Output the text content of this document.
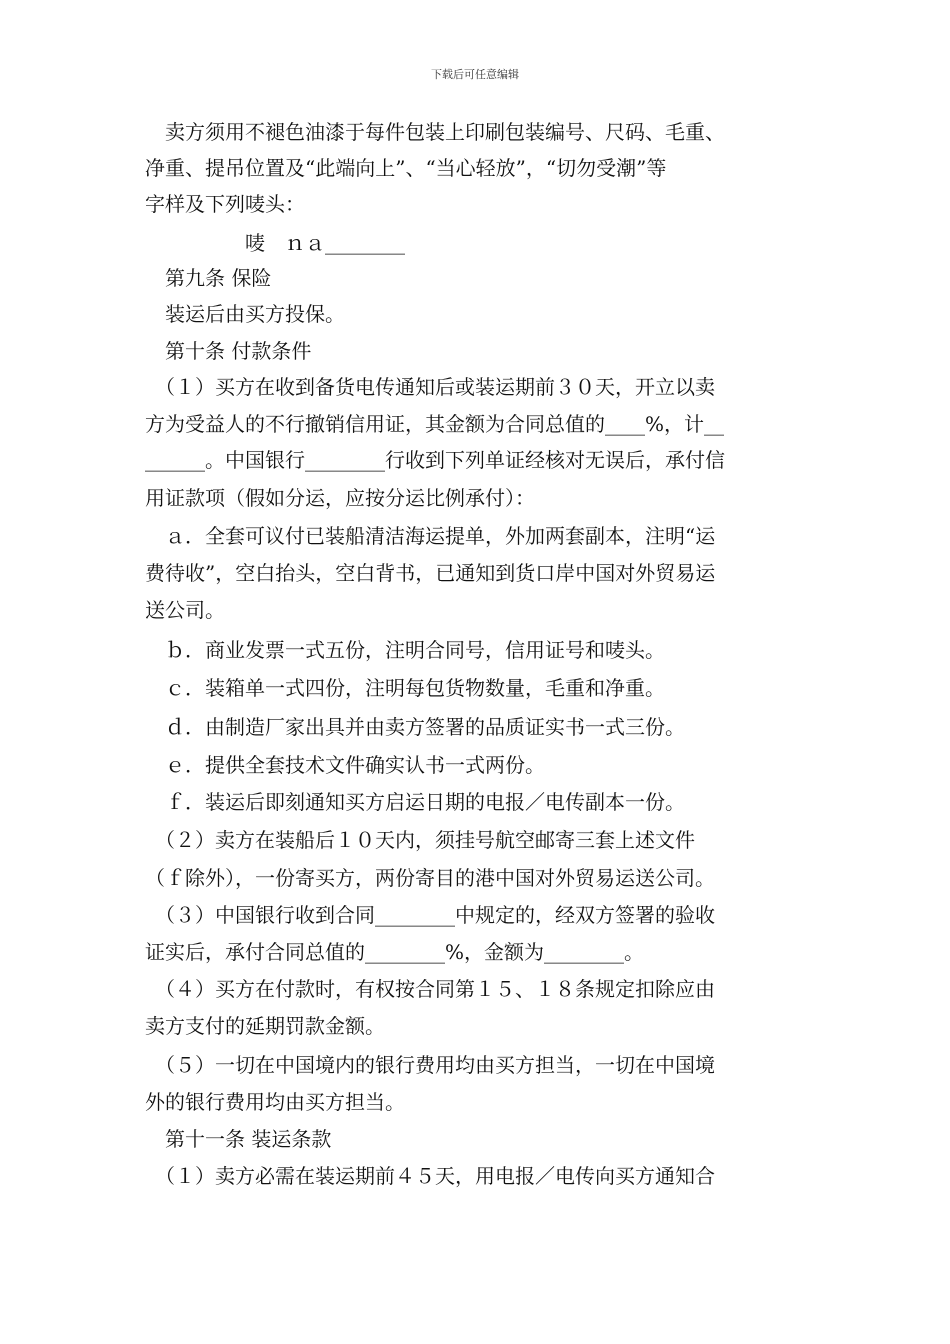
下载后可任意编辑
　卖方须用不褪色油漆于每件包装上印刷包装编号、尺码、毛重、
净重、提吊位置及“此端向上”、“当心轻放”，“切勿受潮”等
字样及下列唛头：
　　　　　唛　ｎａ________
　第九条 保险
　装运后由买方投保。
　第十条 付款条件
　（１）买方在收到备货电传通知后或装运期前３０天，开立以卖
方为受益人的不行撤销信用证，其金额为合同总值的____%，计__
______。中国银行________行收到下列单证经核对无误后，承付信
用证款项（假如分运，应按分运比例承付）：
　ａ．全套可议付已装船清洁海运提单，外加两套副本，注明“运
费待收”，空白抬头，空白背书，已通知到货口岸中国对外贸易运
送公司。
　ｂ．商业发票一式五份，注明合同号，信用证号和唛头。
　ｃ．装箱单一式四份，注明每包货物数量，毛重和净重。
　ｄ．由制造厂家出具并由卖方签署的品质证实书一式三份。
　ｅ．提供全套技术文件确实认书一式两份。
　ｆ．装运后即刻通知买方启运日期的电报／电传副本一份。
　（２）卖方在装船后１０天内，须挂号航空邮寄三套上述文件
（ｆ除外），一份寄买方，两份寄目的港中国对外贸易运送公司。
　（３）中国银行收到合同________中规定的，经双方签署的验收
证实后，承付合同总值的________%，金额为________。
　（４）买方在付款时，有权按合同第１５、１８条规定扣除应由
卖方支付的延期罚款金额。
　（５）一切在中国境内的银行费用均由买方担当，一切在中国境
外的银行费用均由买方担当。
　第十一条 装运条款
　（１）卖方必需在装运期前４５天，用电报／电传向买方通知合
